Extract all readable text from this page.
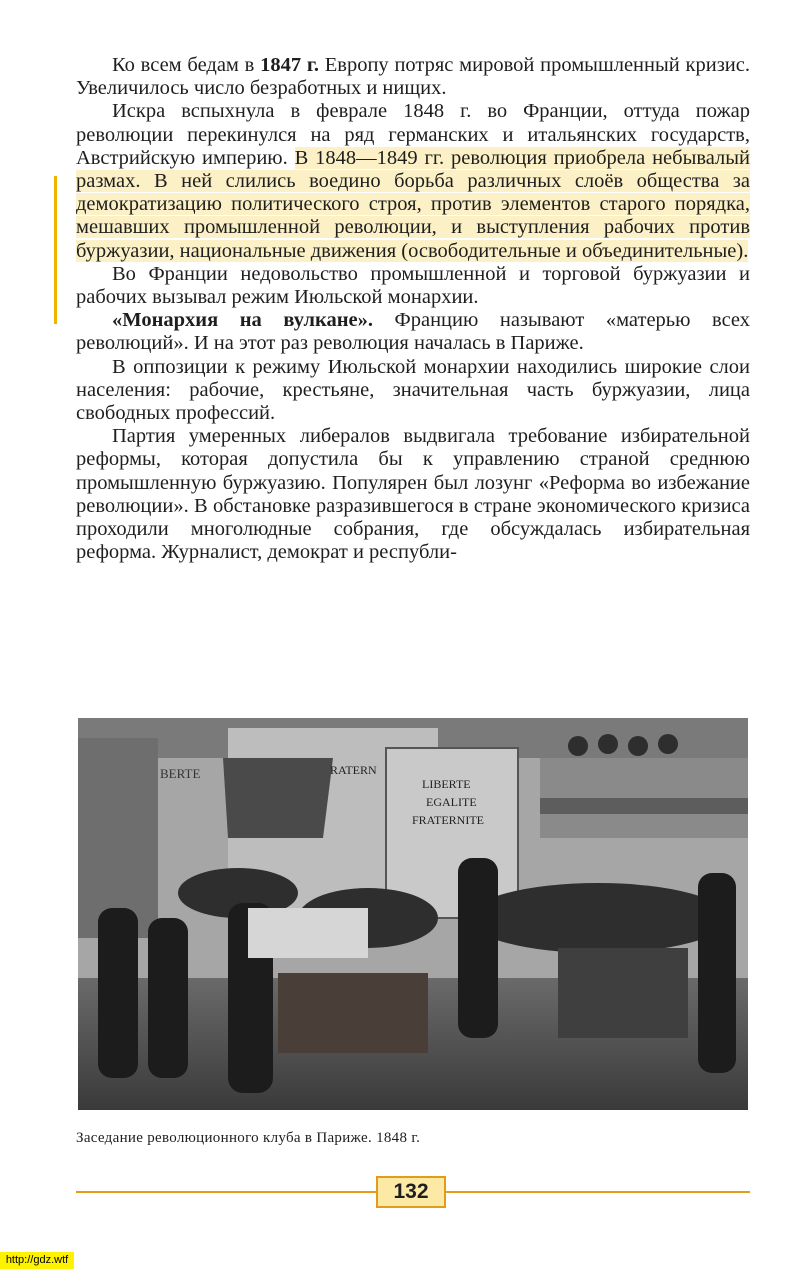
Ко всем бедам в 1847 г. Европу потряс мировой промышленный кризис. Увеличилось число безработных и нищих.

Искра вспыхнула в феврале 1848 г. во Франции, оттуда пожар революции перекинулся на ряд германских и итальянских государств, Австрийскую империю. В 1848—1849 гг. революция приобрела небывалый размах. В ней слились воедино борьба различных слоёв общества за демократизацию политического строя, против элементов старого порядка, мешавших промышленной революции, и выступления рабочих против буржуазии, национальные движения (освободительные и объединительные).

Во Франции недовольство промышленной и торговой буржуазии и рабочих вызывал режим Июльской монархии.

«Монархия на вулкане». Францию называют «матерью всех революций». И на этот раз революция началась в Париже.

В оппозиции к режиму Июльской монархии находились широкие слои населения: рабочие, крестьяне, значительная часть буржуазии, лица свободных профессий.

Партия умеренных либералов выдвигала требование избирательной реформы, которая допустила бы к управлению страной среднюю промышленную буржуазию. Популярен был лозунг «Реформа во избежание революции». В обстановке разразившегося в стране экономического кризиса проходили многолюдные собрания, где обсуждалась избирательная реформа. Журналист, демократ и республи-

BERTE	RATERN
LIBERTE
EGALITE
FRATERNITE
Заседание революционного клуба в Париже. 1848 г.
132
http://gdz.wtf
